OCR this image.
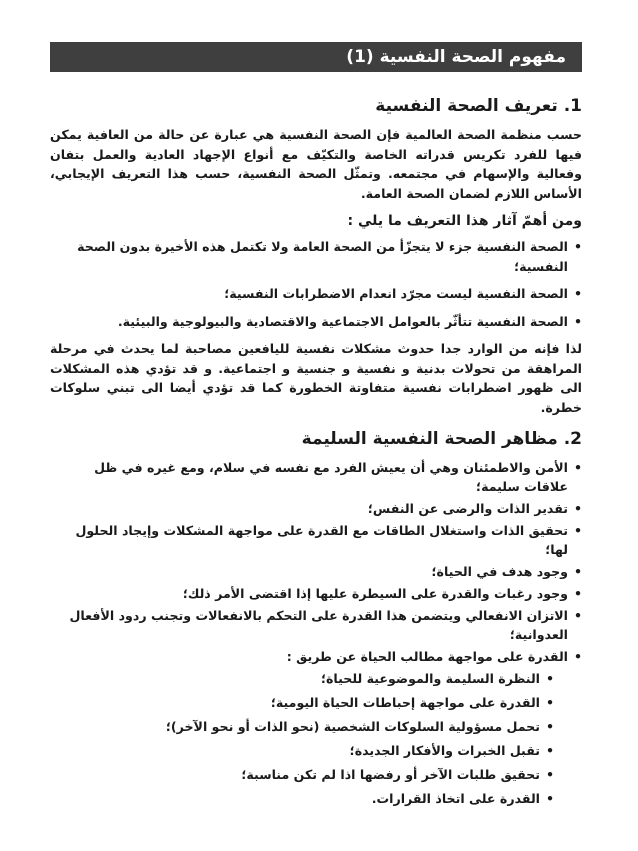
مفهوم الصحة النفسية (1)
1. تعريف الصحة النفسية

حسب منظمة الصحة العالمية فإن الصحة النفسية هي عبارة عن حالة من العافية يمكن فيها للفرد تكريس قدراته الخاصة والتكيّف مع أنواع الإجهاد العادية والعمل بتفان وفعالية والإسهام في مجتمعه. وتمثّل الصحة النفسية، حسب هذا التعريف الإيجابي، الأساس اللازم لضمان الصحة العامة.

ومن أهمّ آثار هذا التعريف ما يلي :
• الصحة النفسية جزء لا يتجزّأ من الصحة العامة ولا تكتمل هذه الأخيرة بدون الصحة النفسية؛
• الصحة النفسية ليست مجرّد انعدام الاضطرابات النفسية؛
• الصحة النفسية تتأثّر بالعوامل الاجتماعية والاقتصادية والبيولوجية والبيئية.

لذا فإنه من الوارد جدا حدوث مشكلات نفسية لليافعين مصاحبة لما يحدث في مرحلة المراهقة من تحولات بدنية و نفسية و جنسية و اجتماعية. و قد تؤدي هذه المشكلات الى ظهور اضطرابات نفسية متفاوتة الخطورة كما قد تؤدي أيضا الى تبني سلوكات خطرة.

2. مظاهر الصحة النفسية السليمة
• الأمن والاطمئنان وهي أن يعيش الفرد مع نفسه في سلام، ومع غيره في ظل علاقات سليمة؛
• تقدير الذات والرضى عن النفس؛
• تحقيق الذات واستغلال الطاقات مع القدرة على مواجهة المشكلات وإيجاد الحلول لها؛
• وجود هدف في الحياة؛
• وجود رغبات والقدرة على السيطرة عليها إذا اقتضى الأمر ذلك؛
• الاتزان الانفعالي ويتضمن هذا القدرة على التحكم بالانفعالات وتجنب ردود الأفعال العدوانية؛
• القدرة على مواجهة مطالب الحياة عن طريق :
• النظرة السليمة والموضوعية للحياة؛
• القدرة على مواجهة إحباطات الحياة اليومية؛
• تحمل مسؤولية السلوكات الشخصية (نحو الذات أو نحو الآخر)؛
• تقبل الخبرات والأفكار الجديدة؛
• تحقيق طلبات الآخر أو رفضها اذا لم تكن مناسبة؛
• القدرة على اتخاذ القرارات.
